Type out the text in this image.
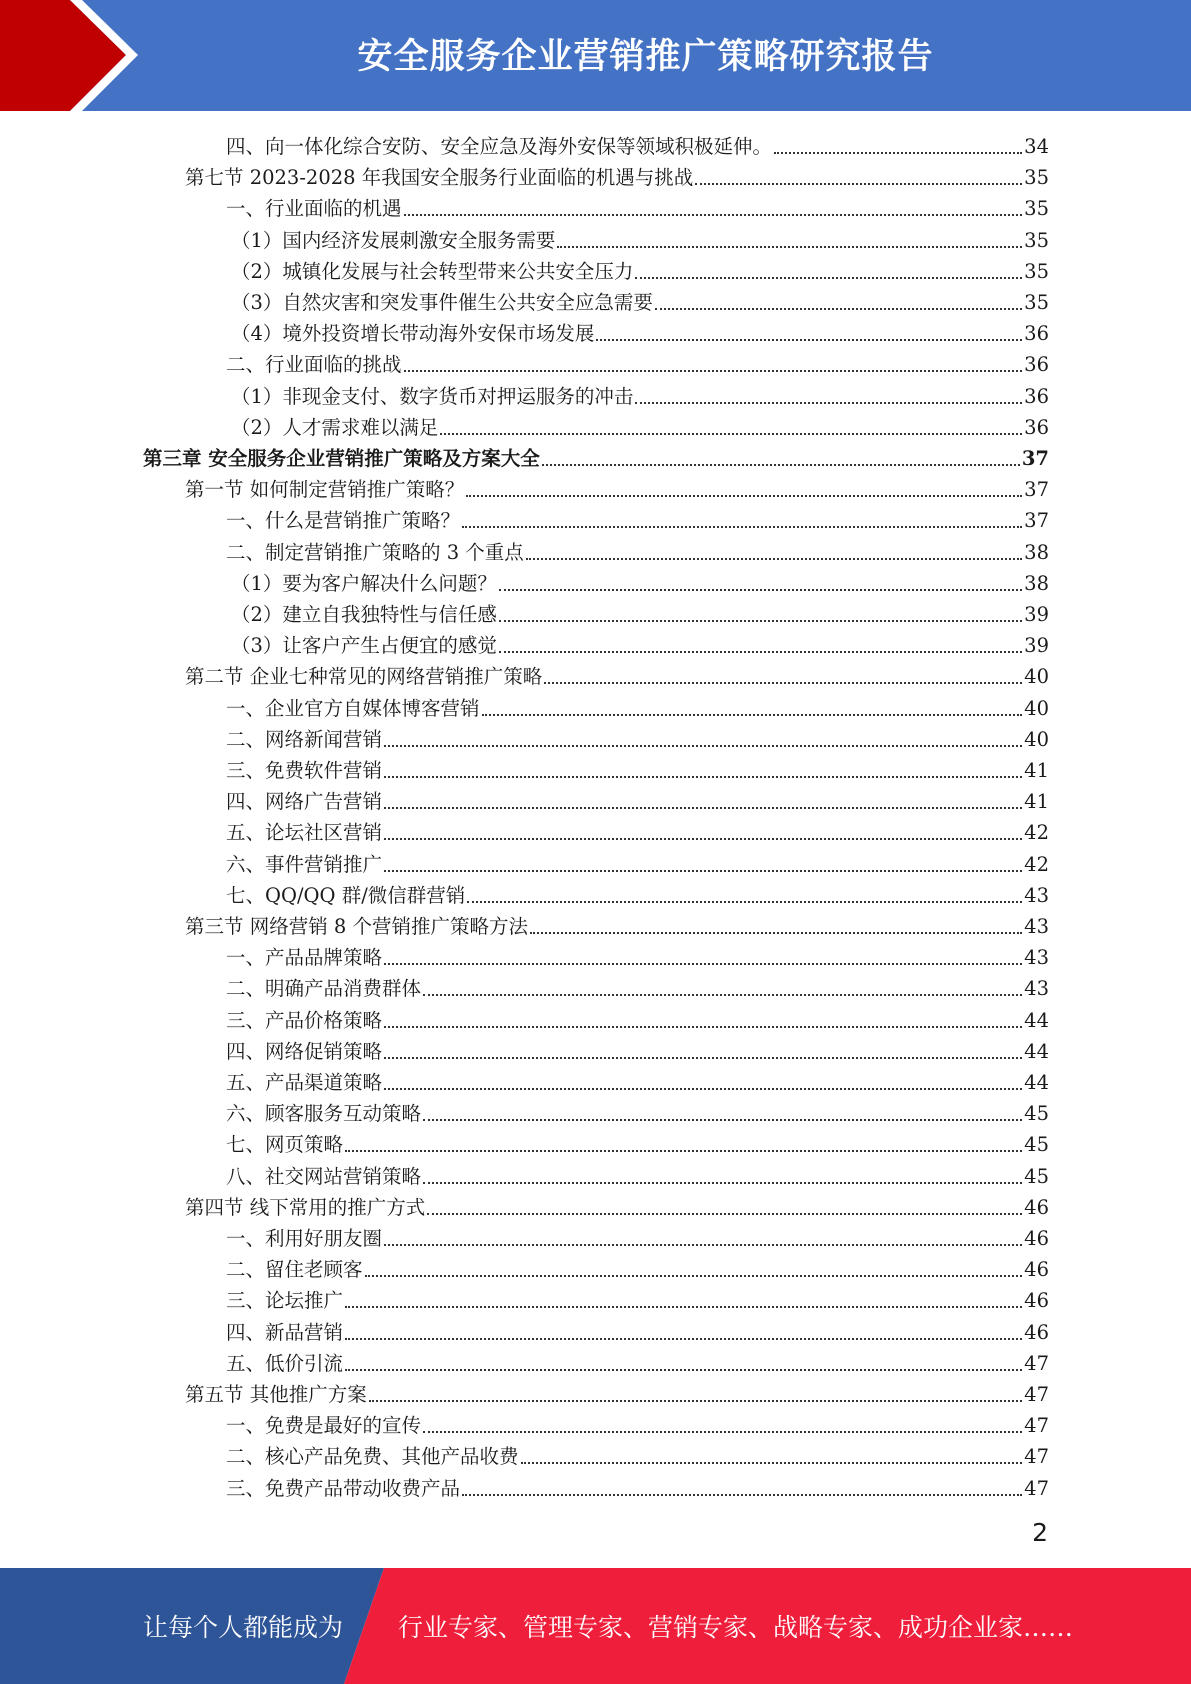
安全服务企业营销推广策略研究报告
四、向一体化综合安防、安全应急及海外安保等领域积极延伸。	34
第七节 2023-2028 年我国安全服务行业面临的机遇与挑战	35
一、行业面临的机遇	35
（1）国内经济发展刺激安全服务需要	35
（2）城镇化发展与社会转型带来公共安全压力	35
（3）自然灾害和突发事件催生公共安全应急需要	35
（4）境外投资增长带动海外安保市场发展	36
二、行业面临的挑战	36
（1）非现金支付、数字货币对押运服务的冲击	36
（2）人才需求难以满足	36
第三章 安全服务企业营销推广策略及方案大全	37
第一节 如何制定营销推广策略？	37
一、什么是营销推广策略？	37
二、制定营销推广策略的 3 个重点	38
（1）要为客户解决什么问题？	38
（2）建立自我独特性与信任感	39
（3）让客户产生占便宜的感觉	39
第二节 企业七种常见的网络营销推广策略	40
一、企业官方自媒体博客营销	40
二、网络新闻营销	40
三、免费软件营销	41
四、网络广告营销	41
五、论坛社区营销	42
六、事件营销推广	42
七、QQ/QQ 群/微信群营销	43
第三节 网络营销 8 个营销推广策略方法	43
一、产品品牌策略	43
二、明确产品消费群体	43
三、产品价格策略	44
四、网络促销策略	44
五、产品渠道策略	44
六、顾客服务互动策略	45
七、网页策略	45
八、社交网站营销策略	45
第四节 线下常用的推广方式	46
一、利用好朋友圈	46
二、留住老顾客	46
三、论坛推广	46
四、新品营销	46
五、低价引流	47
第五节 其他推广方案	47
一、免费是最好的宣传	47
二、核心产品免费、其他产品收费	47
三、免费产品带动收费产品	47
2
让每个人都能成为 行业专家、管理专家、营销专家、战略专家、成功企业家……
